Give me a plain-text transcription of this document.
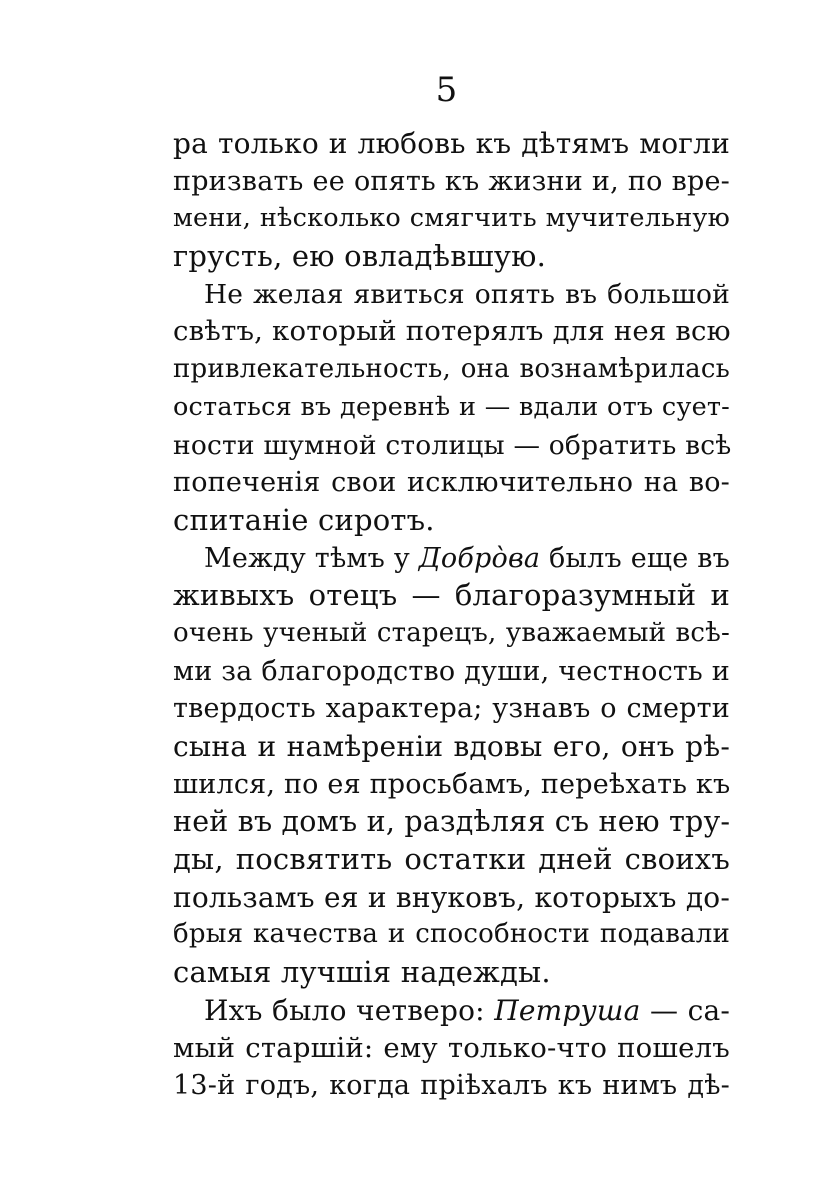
5
ра только и любовь къ дѣтямъ могли
призвать ее опять къ жизни и, по вре-
мени, нѣсколько смягчить мучительную
грусть, ею овладѣвшую.
Не желая явиться опять въ большой
свѣтъ, который потерялъ для нея всю
привлекательность, она вознамѣрилась
остаться въ деревнѣ и — вдали отъ сует-
ности шумной столицы — обратить всѣ
попеченія свои исключительно на во-
спитаніе сиротъ.
Между тѣмъ у Добрòва былъ еще въ
живыхъ отецъ — благоразумный и
очень ученый старецъ, уважаемый всѣ-
ми за благородство души, честность и
твердость характера; узнавъ о смерти
сына и намѣреніи вдовы его, онъ рѣ-
шился, по ея просьбамъ, переѣхать къ
ней въ домъ и, раздѣляя съ нею тру-
ды, посвятить остатки дней своихъ
пользамъ ея и внуковъ, которыхъ до-
брыя качества и способности подавали
самыя лучшія надежды.
Ихъ было четверо: Петруша — са-
мый старшій: ему только-что пошелъ
13-й годъ, когда пріѣхалъ къ нимъ дѣ-
